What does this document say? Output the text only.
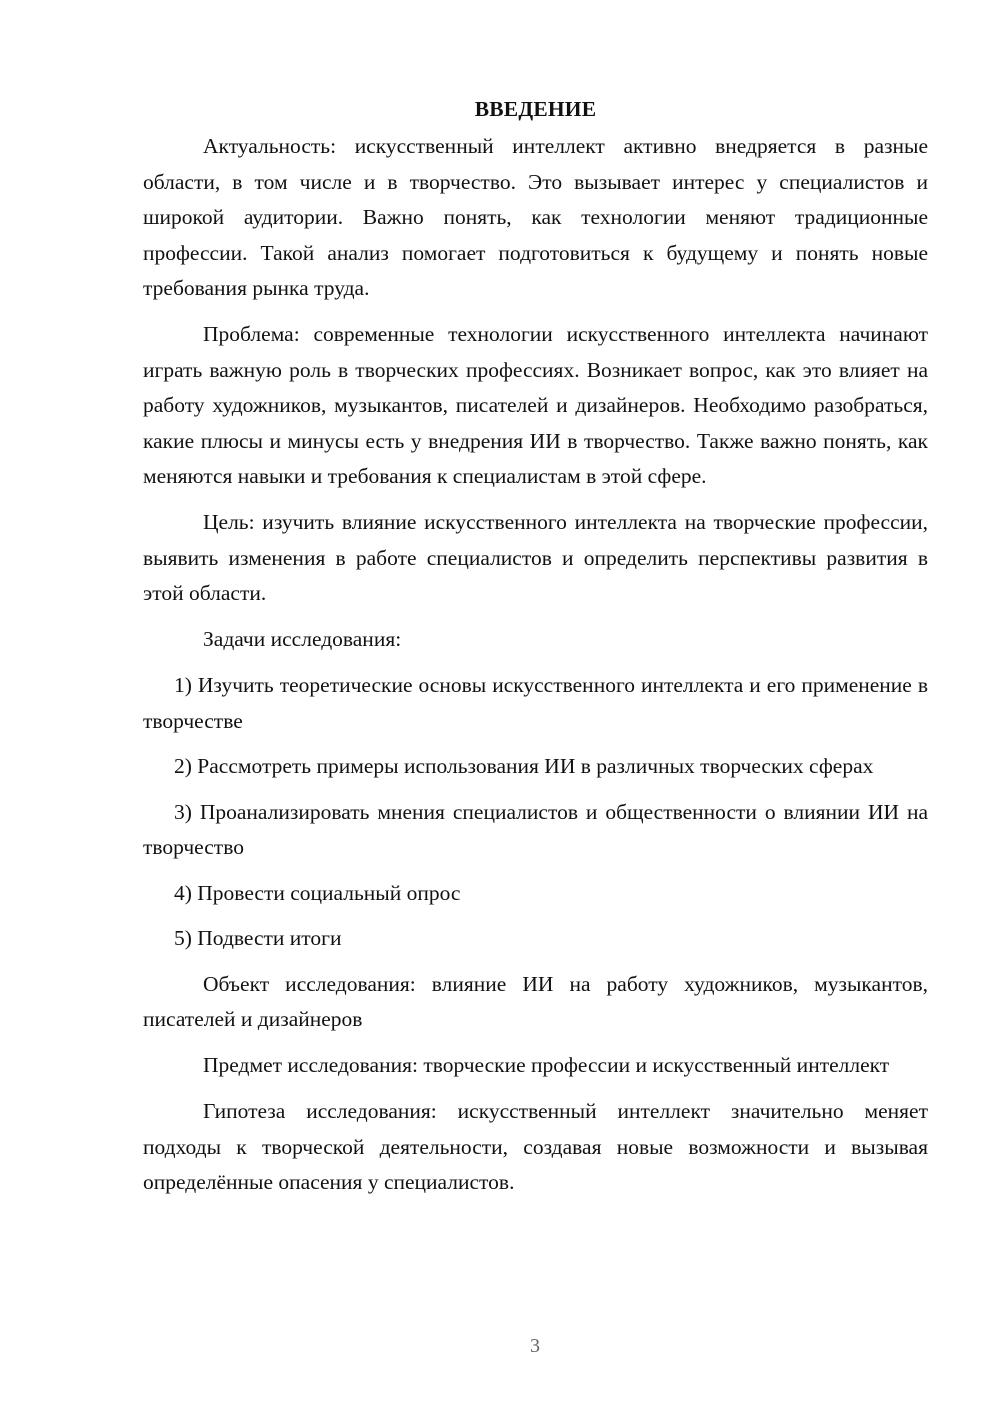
ВВЕДЕНИЕ

Актуальность: искусственный интеллект активно внедряется в разные области, в том числе и в творчество. Это вызывает интерес у специалистов и широкой аудитории. Важно понять, как технологии меняют традиционные профессии. Такой анализ помогает подготовиться к будущему и понять новые требования рынка труда.

Проблема: современные технологии искусственного интеллекта начинают играть важную роль в творческих профессиях. Возникает вопрос, как это влияет на работу художников, музыкантов, писателей и дизайнеров. Необходимо разобраться, какие плюсы и минусы есть у внедрения ИИ в творчество. Также важно понять, как меняются навыки и требования к специалистам в этой сфере.

Цель: изучить влияние искусственного интеллекта на творческие профессии, выявить изменения в работе специалистов и определить перспективы развития в этой области.

Задачи исследования:

1) Изучить теоретические основы искусственного интеллекта и его применение в творчестве

2) Рассмотреть примеры использования ИИ в различных творческих сферах

3) Проанализировать мнения специалистов и общественности о влиянии ИИ на творчество

4) Провести социальный опрос

5) Подвести итоги

Объект исследования: влияние ИИ на работу художников, музыкантов, писателей и дизайнеров

Предмет исследования: творческие профессии и искусственный интеллект

Гипотеза исследования: искусственный интеллект значительно меняет подходы к творческой деятельности, создавая новые возможности и вызывая определённые опасения у специалистов.

3
